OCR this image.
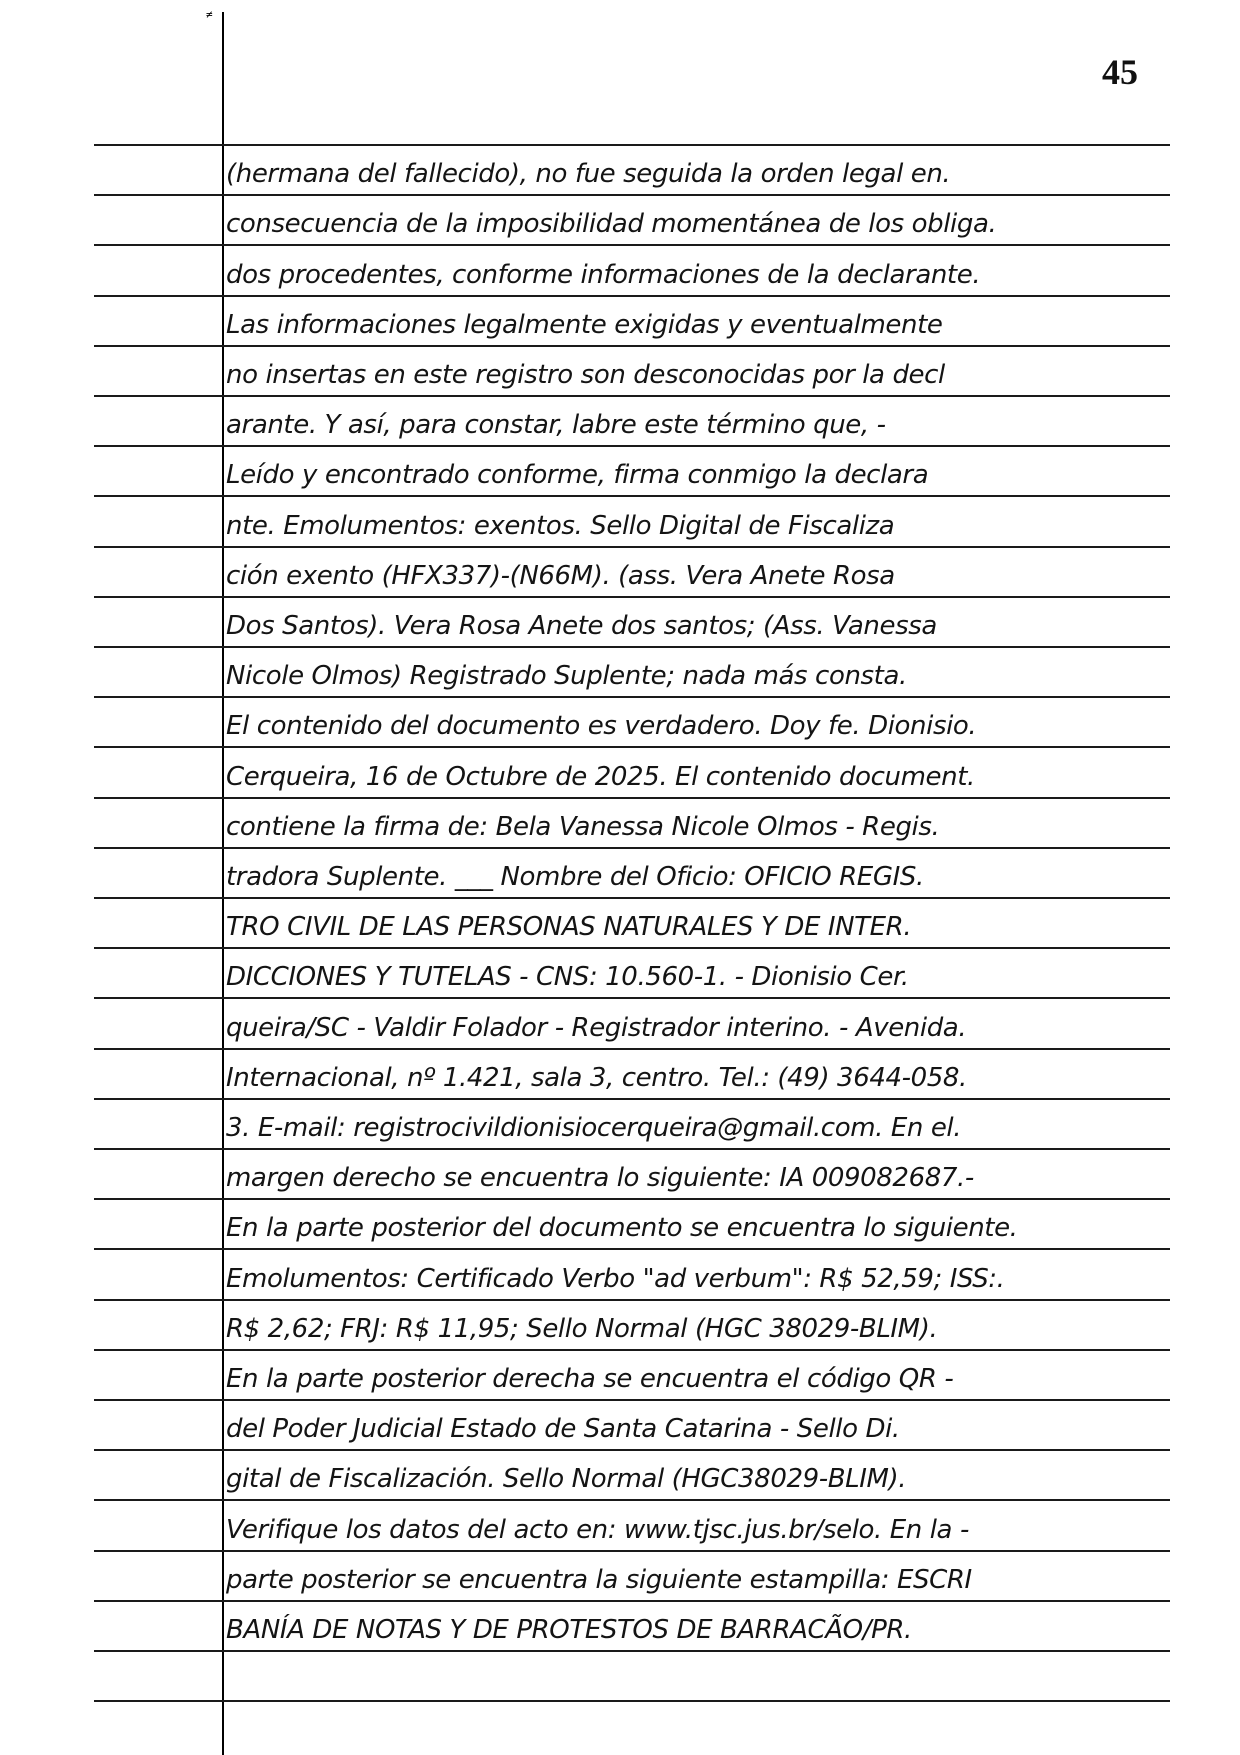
45
≠
(hermana del fallecido), no fue seguida la orden legal en.
consecuencia de la imposibilidad momentánea de los obliga.
dos procedentes, conforme informaciones de la declarante.
Las informaciones legalmente exigidas y eventualmente
no insertas en este registro son desconocidas por la decl
arante. Y así, para constar, labre este término que, -
Leído y encontrado conforme, firma conmigo la declara
nte. Emolumentos: exentos. Sello Digital de Fiscaliza
ción exento (HFX337)-(N66M). (ass. Vera Anete Rosa
Dos Santos). Vera Rosa Anete dos santos; (Ass. Vanessa
Nicole Olmos) Registrado Suplente; nada más consta.
El contenido del documento es verdadero. Doy fe. Dionisio.
Cerqueira, 16 de Octubre de 2025. El contenido document.
contiene la firma de: Bela Vanessa Nicole Olmos - Regis.
tradora Suplente. ___ Nombre del Oficio: OFICIO REGIS.
TRO CIVIL DE LAS PERSONAS NATURALES Y DE INTER.
DICCIONES Y TUTELAS - CNS: 10.560-1. - Dionisio Cer.
queira/SC - Valdir Folador - Registrador interino. - Avenida.
Internacional, nº 1.421, sala 3, centro. Tel.: (49) 3644-058.
3. E-mail: registrocivildionisiocerqueira@gmail.com. En el.
margen derecho se encuentra lo siguiente: IA 009082687.-
En la parte posterior del documento se encuentra lo siguiente.
Emolumentos: Certificado Verbo "ad verbum": R$ 52,59; ISS:.
R$ 2,62; FRJ: R$ 11,95; Sello Normal (HGC 38029-BLIM).
En la parte posterior derecha se encuentra el código QR -
del Poder Judicial Estado de Santa Catarina - Sello Di.
gital de Fiscalización. Sello Normal (HGC38029-BLIM).
Verifique los datos del acto en: www.tjsc.jus.br/selo. En la -
parte posterior se encuentra la siguiente estampilla: ESCRI
BANÍA DE NOTAS Y DE PROTESTOS DE BARRACÃO/PR.
